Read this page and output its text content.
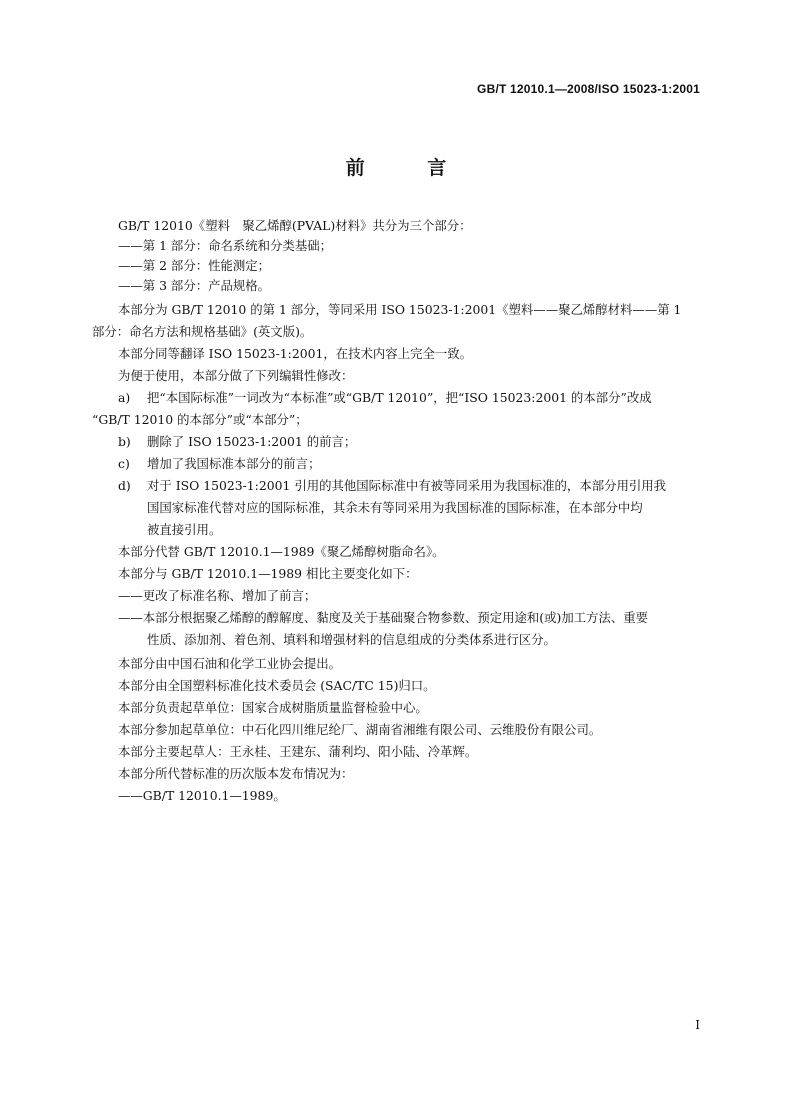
GB/T 12010.1—2008/ISO 15023-1:2001
前 言
GB/T 12010《塑料　聚乙烯醇(PVAL)材料》共分为三个部分：
——第 1 部分：命名系统和分类基础；
——第 2 部分：性能测定；
——第 3 部分：产品规格。
本部分为 GB/T 12010 的第 1 部分，等同采用 ISO 15023-1:2001《塑料——聚乙烯醇材料——第 1
部分：命名方法和规格基础》(英文版)。
本部分同等翻译 ISO 15023-1:2001，在技术内容上完全一致。
为便于使用，本部分做了下列编辑性修改：
a) 把“本国际标准”一词改为“本标准”或“GB/T 12010”，把“ISO 15023:2001 的本部分”改成
“GB/T 12010 的本部分”或“本部分”；
b) 删除了 ISO 15023-1:2001 的前言；
c) 增加了我国标准本部分的前言；
d) 对于 ISO 15023-1:2001 引用的其他国际标准中有被等同采用为我国标准的，本部分用引用我
国国家标准代替对应的国际标准，其余未有等同采用为我国标准的国际标准，在本部分中均
被直接引用。
本部分代替 GB/T 12010.1—1989《聚乙烯醇树脂命名》。
本部分与 GB/T 12010.1—1989 相比主要变化如下：
——更改了标准名称、增加了前言；
——本部分根据聚乙烯醇的醇解度、黏度及关于基础聚合物参数、预定用途和(或)加工方法、重要
性质、添加剂、着色剂、填料和增强材料的信息组成的分类体系进行区分。
本部分由中国石油和化学工业协会提出。
本部分由全国塑料标准化技术委员会 (SAC/TC 15)归口。
本部分负责起草单位：国家合成树脂质量监督检验中心。
本部分参加起草单位：中石化四川维尼纶厂、湖南省湘维有限公司、云维股份有限公司。
本部分主要起草人：王永桂、王建东、蒲利均、阳小陆、冷革辉。
本部分所代替标准的历次版本发布情况为：
——GB/T 12010.1—1989。
I
